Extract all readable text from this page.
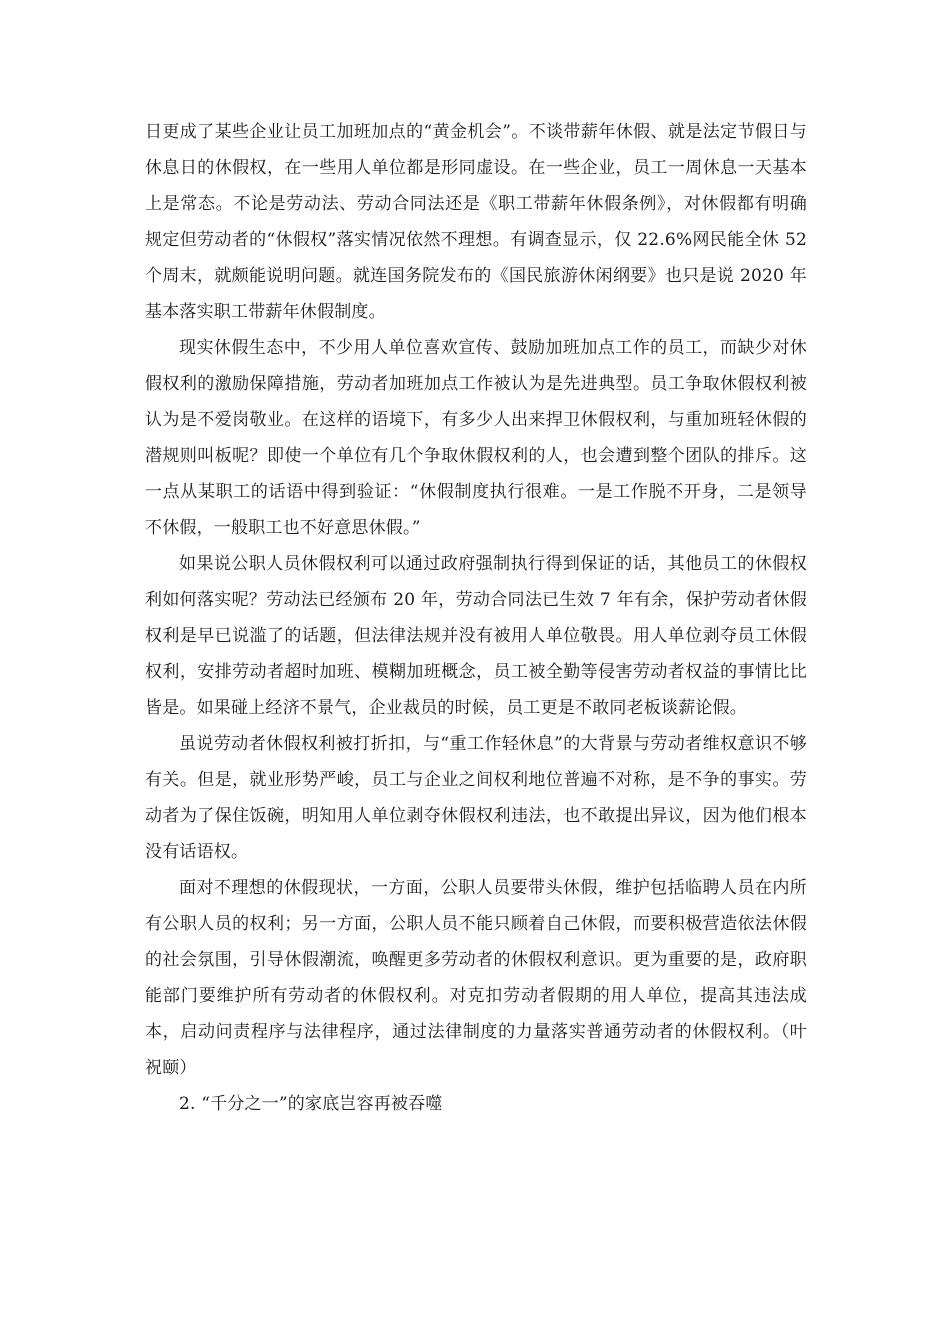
日更成了某些企业让员工加班加点的“黄金机会”。不谈带薪年休假、就是法定节假日与休息日的休假权，在一些用人单位都是形同虚设。在一些企业，员工一周休息一天基本上是常态。不论是劳动法、劳动合同法还是《职工带薪年休假条例》，对休假都有明确规定但劳动者的“休假权”落实情况依然不理想。有调查显示，仅 22.6%网民能全休 52 个周末，就颇能说明问题。就连国务院发布的《国民旅游休闲纲要》也只是说 2020 年基本落实职工带薪年休假制度。

现实休假生态中，不少用人单位喜欢宣传、鼓励加班加点工作的员工，而缺少对休假权利的激励保障措施，劳动者加班加点工作被认为是先进典型。员工争取休假权利被认为是不爱岗敬业。在这样的语境下，有多少人出来捍卫休假权利，与重加班轻休假的潜规则叫板呢？即使一个单位有几个争取休假权利的人，也会遭到整个团队的排斥。这一点从某职工的话语中得到验证：“休假制度执行很难。一是工作脱不开身，二是领导不休假，一般职工也不好意思休假。”

如果说公职人员休假权利可以通过政府强制执行得到保证的话，其他员工的休假权利如何落实呢？劳动法已经颁布 20 年，劳动合同法已生效 7 年有余，保护劳动者休假权利是早已说滥了的话题，但法律法规并没有被用人单位敬畏。用人单位剥夺员工休假权利，安排劳动者超时加班、模糊加班概念，员工被全勤等侵害劳动者权益的事情比比皆是。如果碰上经济不景气，企业裁员的时候，员工更是不敢同老板谈薪论假。

虽说劳动者休假权利被打折扣，与“重工作轻休息”的大背景与劳动者维权意识不够有关。但是，就业形势严峻，员工与企业之间权利地位普遍不对称，是不争的事实。劳动者为了保住饭碗，明知用人单位剥夺休假权利违法，也不敢提出异议，因为他们根本没有话语权。

面对不理想的休假现状，一方面，公职人员要带头休假，维护包括临聘人员在内所有公职人员的权利；另一方面，公职人员不能只顾着自己休假，而要积极营造依法休假的社会氛围，引导休假潮流，唤醒更多劳动者的休假权利意识。更为重要的是，政府职能部门要维护所有劳动者的休假权利。对克扣劳动者假期的用人单位，提高其违法成本，启动问责程序与法律程序，通过法律制度的力量落实普通劳动者的休假权利。（叶祝颐）

2. “千分之一”的家底岂容再被吞噬
